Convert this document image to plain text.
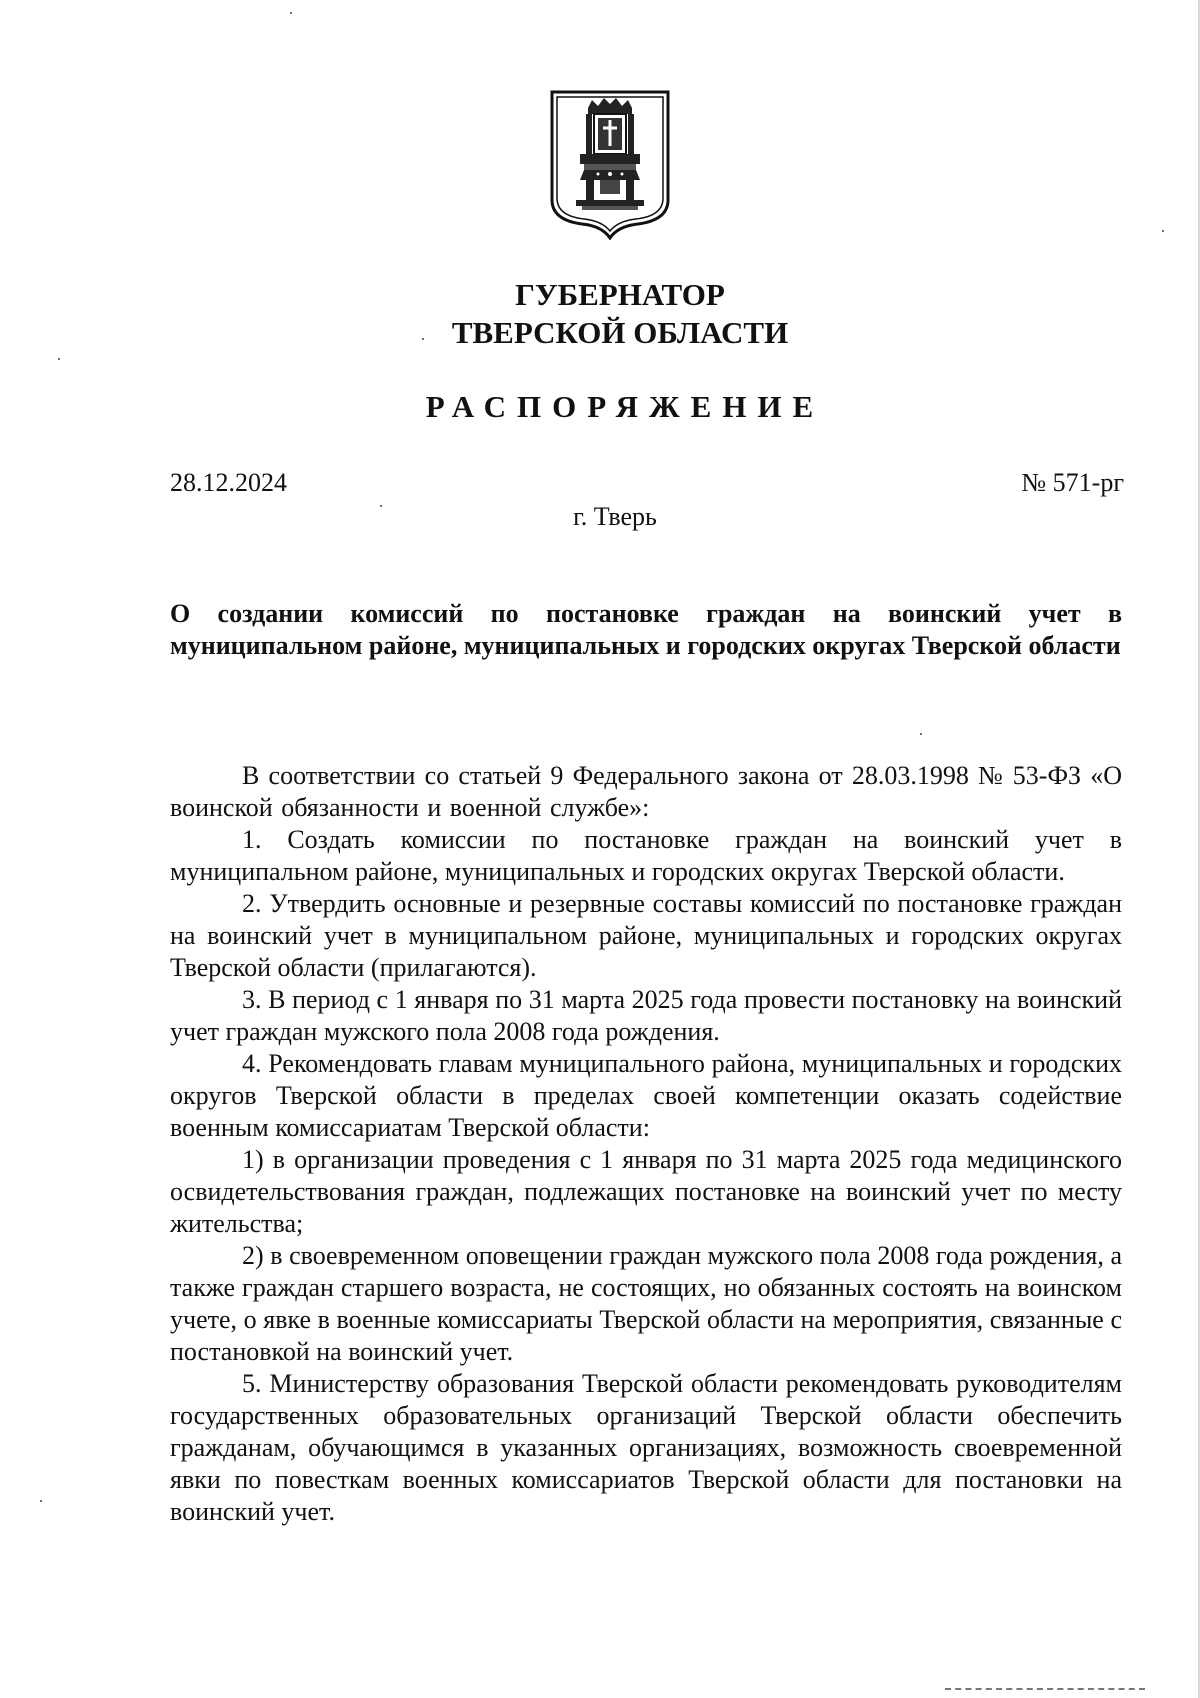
ГУБЕРНАТОР
ТВЕРСКОЙ ОБЛАСТИ
РАСПОРЯЖЕНИЕ
28.12.2024	№ 571-рг
г. Тверь
О создании комиссий по постановке граждан на воинский учет в муниципальном районе, муниципальных и городских округах Тверской области

В соответствии со статьей 9 Федерального закона от 28.03.1998 № 53-ФЗ «О воинской обязанности и военной службе»:

1. Создать комиссии по постановке граждан на воинский учет в муниципальном районе, муниципальных и городских округах Тверской области.

2. Утвердить основные и резервные составы комиссий по постановке граждан на воинский учет в муниципальном районе, муниципальных и городских округах Тверской области (прилагаются).

3. В период с 1 января по 31 марта 2025 года провести постановку на воинский учет граждан мужского пола 2008 года рождения.

4. Рекомендовать главам муниципального района, муниципальных и городских округов Тверской области в пределах своей компетенции оказать содействие военным комиссариатам Тверской области:

1) в организации проведения с 1 января по 31 марта 2025 года медицинского освидетельствования граждан, подлежащих постановке на воинский учет по месту жительства;

2) в своевременном оповещении граждан мужского пола 2008 года рождения, а также граждан старшего возраста, не состоящих, но обязанных состоять на воинском учете, о явке в военные комиссариаты Тверской области на мероприятия, связанные с постановкой на воинский учет.

5. Министерству образования Тверской области рекомендовать руководителям государственных образовательных организаций Тверской области обеспечить гражданам, обучающимся в указанных организациях, возможность своевременной явки по повесткам военных комиссариатов Тверской области для постановки на воинский учет.
